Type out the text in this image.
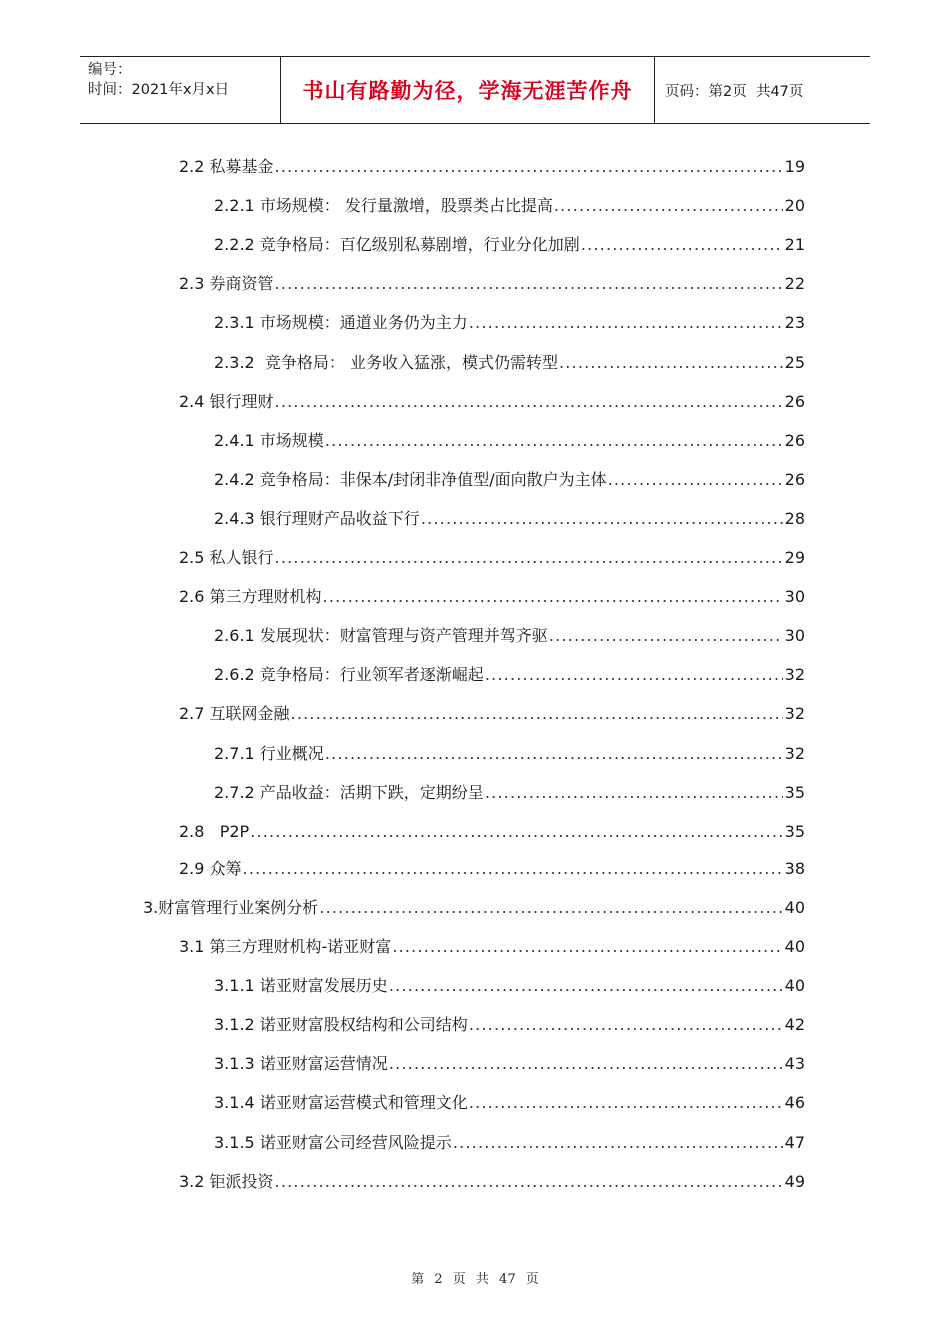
编号：
时间：2021年x月x日	书山有路勤为径，学海无涯苦作舟	页码：第2页  共47页
2.2 私募基金 .....	19
2.2.1 市场规模： 发行量激增，股票类占比提高 .....	20
2.2.2 竞争格局：百亿级别私募剧增，行业分化加剧 .....	21
2.3 券商资管 .....	22
2.3.1 市场规模：通道业务仍为主力 .....	23
2.3.2  竞争格局： 业务收入猛涨，模式仍需转型 .....	25
2.4 银行理财 .....	26
2.4.1 市场规模 .....	26
2.4.2 竞争格局：非保本/封闭非净值型/面向散户为主体 .....	26
2.4.3 银行理财产品收益下行 .....	28
2.5 私人银行 .....	29
2.6 第三方理财机构 .....	30
2.6.1 发展现状：财富管理与资产管理并驾齐驱 .....	30
2.6.2 竞争格局：行业领军者逐渐崛起 .....	32
2.7 互联网金融 .....	32
2.7.1 行业概况 .....	32
2.7.2 产品收益：活期下跌，定期纷呈 .....	35
2.8   P2P .....	35
2.9 众筹 .....	38
3.财富管理行业案例分析 .....	40
3.1 第三方理财机构-诺亚财富 .....	40
3.1.1 诺亚财富发展历史 .....	40
3.1.2 诺亚财富股权结构和公司结构 .....	42
3.1.3 诺亚财富运营情况 .....	43
3.1.4 诺亚财富运营模式和管理文化 .....	46
3.1.5 诺亚财富公司经营风险提示 .....	47
3.2 钜派投资 .....	49
第 2 页 共 47 页
